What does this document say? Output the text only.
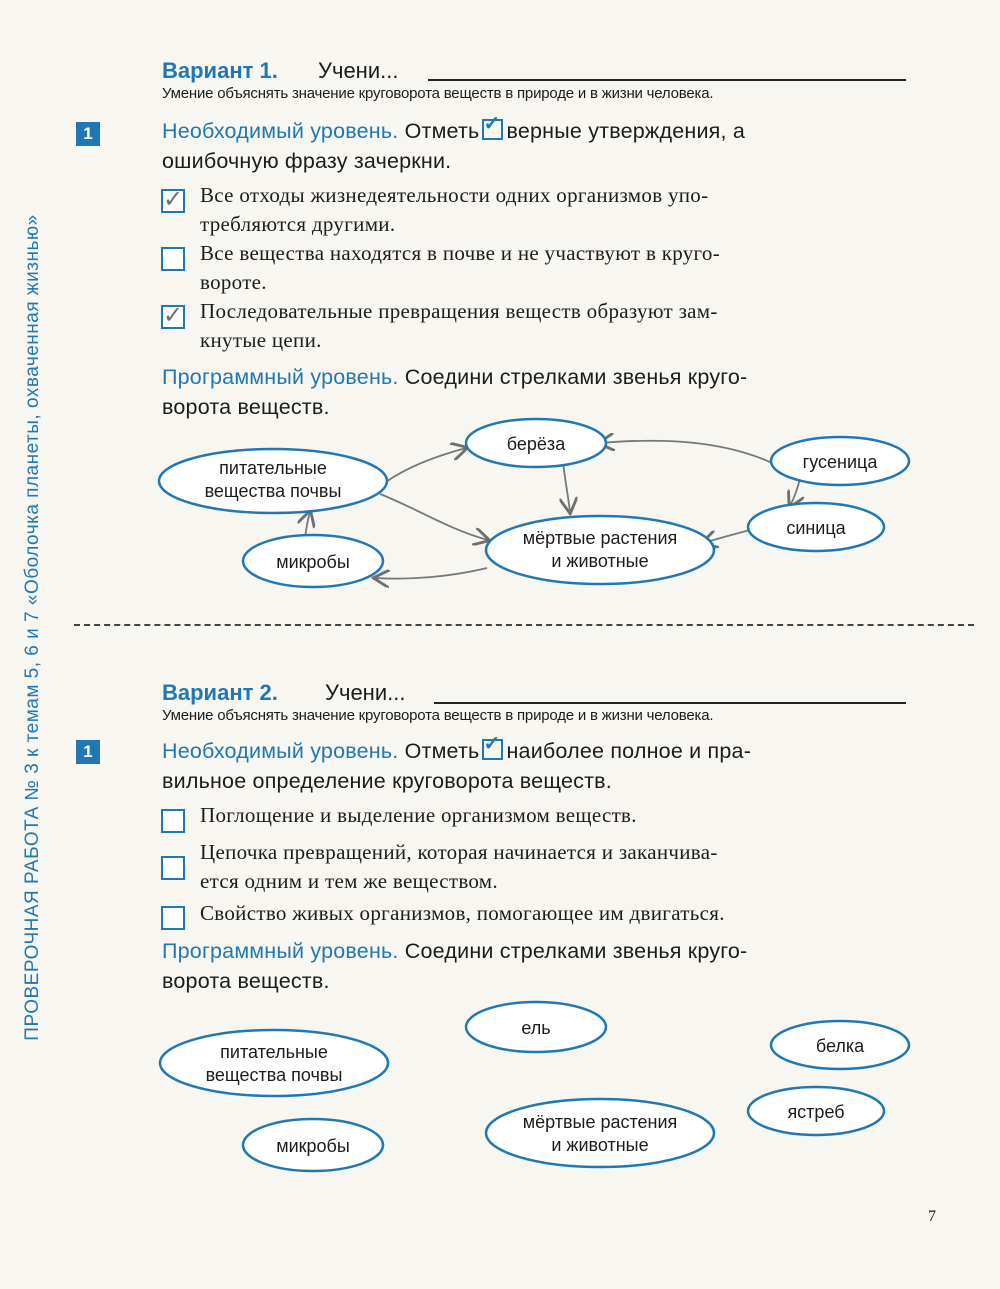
ПРОВЕРОЧНАЯ РАБОТА № 3 к темам 5, 6 и 7 «Оболочка планеты, охваченная жизнью»
Вариант 1. Учени...
Умение объяснять значение круговорота веществ в природе и в жизни человека.
1	Необходимый уровень. Отметь ✓ верные утверждения, а
ошибочную фразу зачеркни.
✓ Все отходы жизнедеятельности одних организмов упо-
требляются другими.
Все вещества находятся в почве и не участвуют в круго-
вороте.
✓ Последовательные превращения веществ образуют зам-
кнутые цепи.
Программный уровень. Соедини стрелками звенья круго-
ворота веществ.
Вариант 2. Учени...
Умение объяснять значение круговорота веществ в природе и в жизни человека.
1	Необходимый уровень. Отметь ✓ наиболее полное и пра-
вильное определение круговорота веществ.
Поглощение и выделение организмом веществ.
Цепочка превращений, которая начинается и заканчива-
ется одним и тем же веществом.
Свойство живых организмов, помогающее им двигаться.
Программный уровень. Соедини стрелками звенья круго-
ворота веществ.
7
питательные
вещества почвы
берёза
гусеница
синица
мёртвые растения
и животные
микробы
питательные
вещества почвы
ель
белка
ястреб
мёртвые растения
и животные
микробы
